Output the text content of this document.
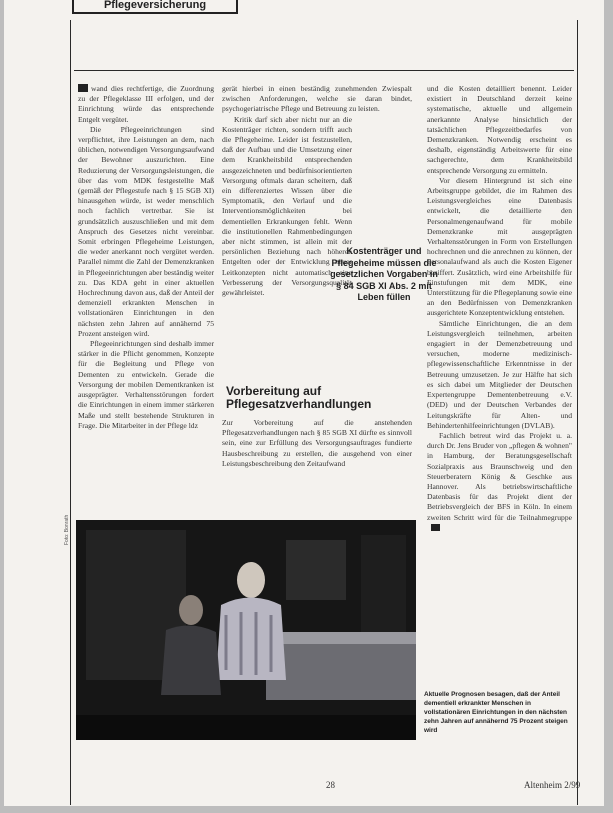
Pflegeversicherung

wand dies rechtfertige, die Zuordnung zu der Pflegeklasse III erfolgen, und der Einrichtung würde das entsprechende Entgelt vergütet.

Die Pflegeeinrichtungen sind verpflichtet, ihre Leistungen an dem, nach üblichen, notwendigen Versorgungsaufwand der Bewohner auszurichten. Eine Reduzierung der Versorgungsleistungen, die über das vom MDK festgestellte Maß (gemäß der Pflegestufe nach § 15 SGB XI) hinausgehen würde, ist weder menschlich noch fachlich vertretbar. Sie ist grundsätzlich auszuschließen und mit dem Anspruch des Gesetzes nicht vereinbar. Somit erbringen Pflegeheime Leistungen, die weder anerkannt noch vergütet werden. Parallel nimmt die Zahl der Demenzkranken in Pflegeeinrichtungen aber beständig weiter zu. Das KDA geht in einer aktuellen Hochrechnung davon aus, daß der Anteil der demenziell erkrankten Menschen in vollstationären Einrichtungen in den nächsten zehn Jahren auf annähernd 75 Prozent ansteigen wird.

Pflegeeinrichtungen sind deshalb immer stärker in die Pflicht genommen, Konzepte für die Begleitung und Pflege von Dementen zu entwickeln. Gerade die Versorgung der mobilen Dementkranken ist ausgeprägter. Verhaltensstörungen fordert die Einrichtungen in einem immer stärkeren Maße und stellt bestehende Strukturen in Frage. Die Mitarbeiter in der Pflege ldz

gerät hierbei in einen beständig zunehmenden Zwiespalt zwischen Anforderungen, welche sie daran bindet, psychogeriatrische Pflege und Betreuung zu leisten.

Kritik darf sich aber nicht nur an die Kostenträger richten, sondern trifft auch die Pflegeheime. Leider ist festzustellen, daß der Aufbau und die Umsetzung einer dem Krankheitsbild entsprechenden ausgezeichneten und bedürfnisorientierten Versorgung oftmals daran scheitern, daß ein differenziertes Wissen über die Symptomatik, den Verlauf und die Interventionsmöglichkeiten bei dementiellen Erkrankungen fehlt. Wenn die institutionellen Rahmenbedingungen aber nicht stimmen, ist allein mit der persönlichen Beziehung nach höheren Entgelten oder der Entwicklung neuer Leitkonzepten nicht automatisch eine Verbesserung der Versorgungsqualität gewährleistet.

Kostenträger und Pflegeheime müssen die gesetzlichen Vorgaben in § 84 SGB XI Abs. 2 mit Leben füllen
Vorbereitung auf Pflegesatzverhandlungen

Zur Vorbereitung auf die anstehenden Pflegesatzverhandlungen nach § 85 SGB XI dürfte es sinnvoll sein, eine zur Erfüllung des Versorgungsauftrages fundierte Hausbeschreibung zu erstellen, die ausgehend von einer Leistungsbeschreibung den Zeitaufwand

und die Kosten detailliert benennt. Leider existiert in Deutschland derzeit keine systematische, aktuelle und allgemein anerkannte Analyse hinsichtlich der tatsächlichen Pflegezeitbedarfes von Demenzkranken. Notwendig erscheint es deshalb, eigenständig Arbeitswerte für eine sachgerechte, dem Krankheitsbild entsprechende Versorgung zu ermitteln.

Vor diesem Hintergrund ist sich eine Arbeitsgruppe gebildet, die im Rahmen des Leistungsvergleiches eine Datenbasis entwickelt, die detaillierte den Personalmengenaufwand für mobile Demenzkranke mit ausgeprägten Verhaltensstörungen in Form von Erstellungen hochrechnen und die anrechnen zu können, der Personalaufwand als auch die Kosten Eigener beziffert. Zusätzlich, wird eine Arbeitshilfe für Einstufungen mit dem MDK, eine Unterstützung für die Pflegeplanung sowie eine an den Bedürfnissen von Demenzkranken ausgerichtete Konzeptentwicklung entstehen.

Sämtliche Einrichtungen, die an dem Leistungsvergleich teilnehmen, arbeiten engagiert in der Demenzbetreuung und versuchen, moderne medizinisch-pflegewissenschaftliche Erkenntnisse in der Betreuung umzusetzen. Je zur Hälfte hat sich es sich dabei um Mitglieder der Deutschen Expertengruppe Dementenbetreuung e.V. (DED) und der Deutschen Verbandes der Leitungskräfte für Alten- und Behindertenhilfeeinrichtungen (DVLAB).

Fachlich betreut wird das Projekt u. a. durch Dr. Jens Bruder von „pflegen & wohnen" in Hamburg, der Beratungsgesellschaft Sozialpraxis aus Braunschweig und den Steuerberatern König & Geschke aus Hannover. Als betriebswirtschaftliche Datenbasis für das Projekt dient der Betriebsvergleich der BFS in Köln. In einem zweiten Schritt wird für die Teilnahmegruppe

Foto: Bonrath
Aktuelle Prognosen besagen, daß der Anteil dementiell erkrankter Menschen in vollstationären Einrichtungen in den nächsten zehn Jahren auf annähernd 75 Prozent steigen wird
28	Altenheim 2/99
